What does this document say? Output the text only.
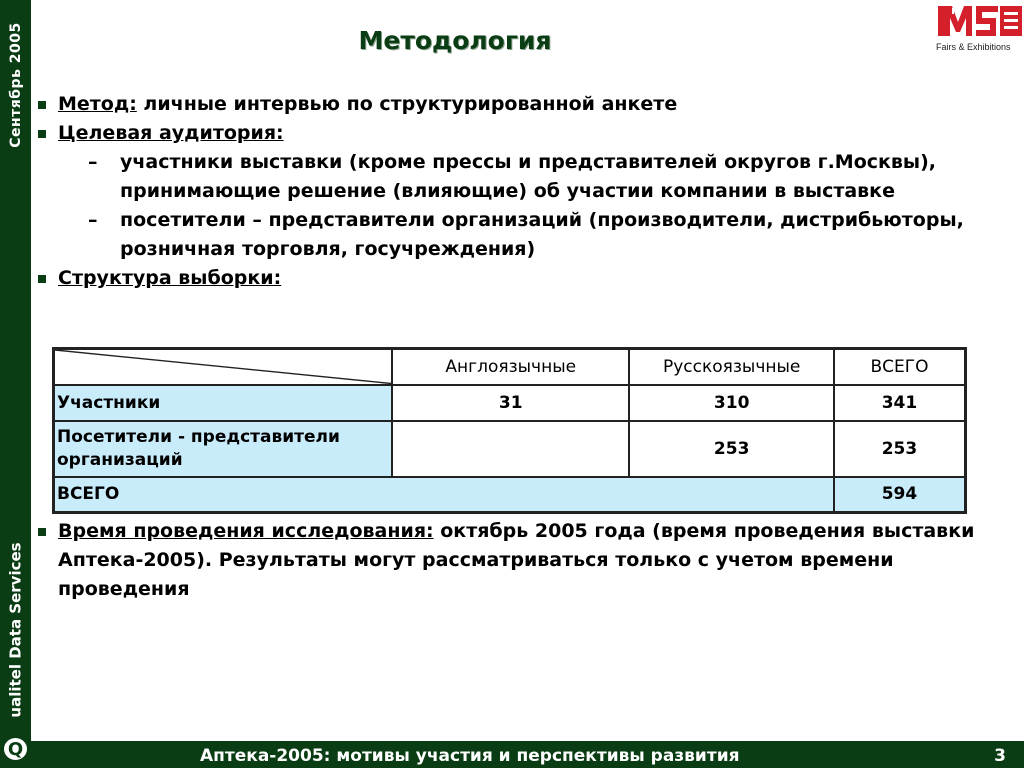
Сентябрь 2005
ualitel Data Services
Q
Fairs & Exhibitions
Методология
Метод: личные интервью по структурированной анкете
Целевая аудитория:
– участники выставки (кроме прессы и представителей округов г.Москвы), принимающие решение (влияющие) об участии компании в выставке
– посетители – представители организаций (производители, дистрибьюторы, розничная торговля, госучреждения)
Структура выборки:
	Англоязычные	Русскоязычные	ВСЕГО
Участники	31	310	341
Посетители - представители организаций		253	253
ВСЕГО			594
Время проведения исследования: октябрь 2005 года (время проведения выставки Аптека-2005). Результаты могут рассматриваться только с учетом времени проведения
Аптека-2005: мотивы участия и перспективы развития	3
